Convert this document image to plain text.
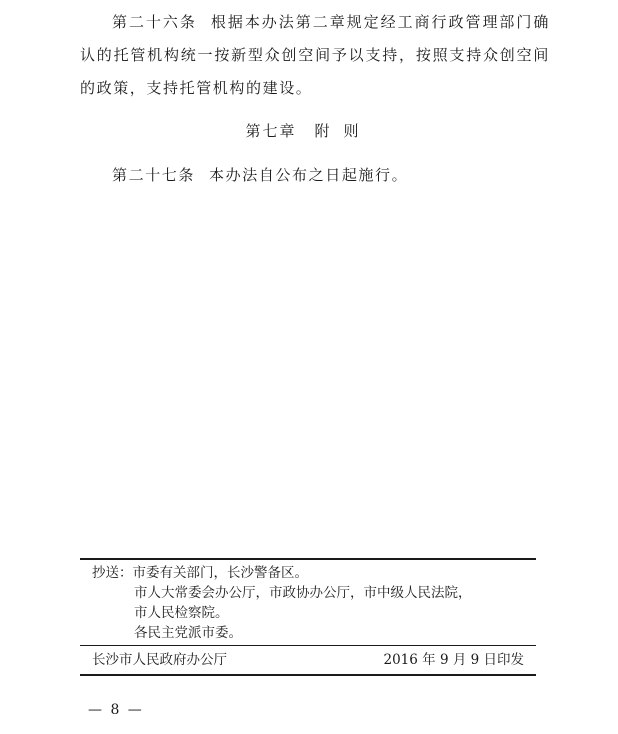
第二十六条 根据本办法第二章规定经工商行政管理部门确认的托管机构统一按新型众创空间予以支持，按照支持众创空间的政策，支持托管机构的建设。
第七章 附则
第二十七条 本办法自公布之日起施行。
抄送：市委有关部门，长沙警备区。
市人大常委会办公厅，市政协办公厅，市中级人民法院，
市人民检察院。
各民主党派市委。
长沙市人民政府办公厅	2016 年 9 月 9 日印发
— 8 —
